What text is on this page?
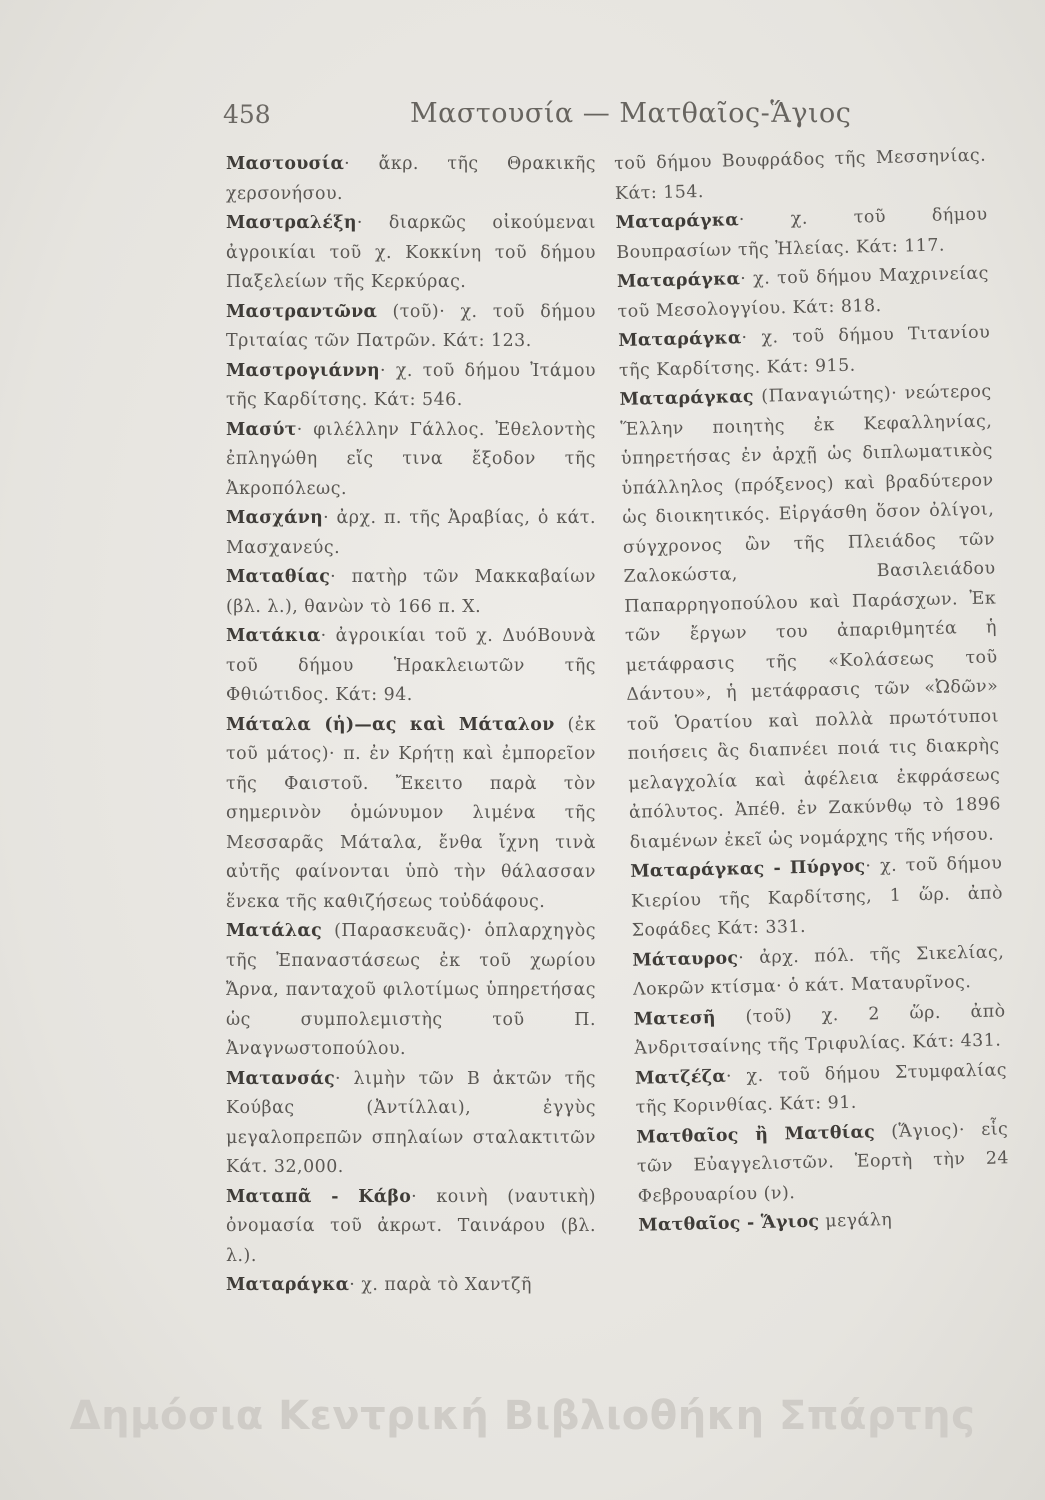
458	Μαστουσία — Ματθαῖος-Ἅγιος

Μαστουσία· ἄκρ. τῆς Θρακικῆς χερσονήσου.

Μαστραλέξη· διαρκῶς οἰκούμεναι ἀγροικίαι τοῦ χ. Κοκκίνη τοῦ δήμου Παξελείων τῆς Κερκύρας.

Μαστραντῶνα (τοῦ)· χ. τοῦ δήμου Τριταίας τῶν Πατρῶν. Κάτ: 123.

Μαστρογιάννη· χ. τοῦ δήμου Ἰτάμου τῆς Καρδίτσης. Κάτ: 546.

Μασύτ· φιλέλλην Γάλλος. Ἐθελοντὴς ἐπληγώθη εἴς τινα ἔξοδον τῆς Ἀκροπόλεως.

Μασχάνη· ἀρχ. π. τῆς Ἀραβίας, ὁ κάτ. Μασχανεύς.

Ματαθίας· πατὴρ τῶν Μακκαβαίων (βλ. λ.), θανὼν τὸ 166 π. Χ.

Ματάκια· ἀγροικίαι τοῦ χ. ΔυόΒουνὰ τοῦ δήμου Ἡρακλειωτῶν τῆς Φθιώτιδος. Κάτ: 94.

Μάταλα (ἡ)—ας καὶ Μάταλον (ἐκ τοῦ μάτος)· π. ἐν Κρήτῃ καὶ ἐμπορεῖον τῆς Φαιστοῦ. Ἔκειτο παρὰ τὸν σημερινὸν ὁμώνυμον λιμένα τῆς Μεσσαρᾶς Μάταλα, ἔνθα ἴχνη τινὰ αὐτῆς φαίνονται ὑπὸ τὴν θάλασσαν ἕνεκα τῆς καθιζήσεως τοὐδάφους.

Ματάλας (Παρασκευᾶς)· ὁπλαρχηγὸς τῆς Ἐπαναστάσεως ἐκ τοῦ χωρίου Ἄρνα, πανταχοῦ φιλοτίμως ὑπηρετήσας ὡς συμπολεμιστὴς τοῦ Π. Ἀναγνωστοπούλου.

Ματανσάς· λιμὴν τῶν Β ἀκτῶν τῆς Κούβας (Ἀντίλλαι), ἐγγὺς μεγαλοπρεπῶν σπηλαίων σταλακτιτῶν Κάτ. 32,000.

Ματαπᾶ - Κάβο· κοινὴ (ναυτικὴ) ὀνομασία τοῦ ἀκρωτ. Ταινάρου (βλ. λ.).

Ματαράγκα· χ. παρὰ τὸ Χαντζῆ

τοῦ δήμου Βουφράδος τῆς Μεσσηνίας. Κάτ: 154.

Ματαράγκα· χ. τοῦ δήμου Βουπρασίων τῆς Ἠλείας. Κάτ: 117.

Ματαράγκα· χ. τοῦ δήμου Μαχρινείας τοῦ Μεσολογγίου. Κάτ: 818.

Ματαράγκα· χ. τοῦ δήμου Τιτανίου τῆς Καρδίτσης. Κάτ: 915.

Ματαράγκας (Παναγιώτης)· νεώτερος Ἕλλην ποιητὴς ἐκ Κεφαλληνίας, ὑπηρετήσας ἐν ἀρχῇ ὡς διπλωματικὸς ὑπάλληλος (πρόξενος) καὶ βραδύτερον ὡς διοικητικός. Εἰργάσθη ὅσον ὀλίγοι, σύγχρονος ὢν τῆς Πλειάδος τῶν Ζαλοκώστα, Βασιλειάδου Παπαρρηγοπούλου καὶ Παράσχων. Ἐκ τῶν ἔργων του ἀπαριθμητέα ἡ μετάφρασις τῆς «Κολάσεως τοῦ Δάντου», ἡ μετάφρασις τῶν «Ὠδῶν» τοῦ Ὁρατίου καὶ πολλὰ πρωτότυποι ποιήσεις ἃς διαπνέει ποιά τις διακρὴς μελαγχολία καὶ ἀφέλεια ἐκφράσεως ἀπόλυτος. Ἀπέθ. ἐν Ζακύνθῳ τὸ 1896 διαμένων ἐκεῖ ὡς νομάρχης τῆς νήσου.

Ματαράγκας - Πύργος· χ. τοῦ δήμου Κιερίου τῆς Καρδίτσης, 1 ὥρ. ἀπὸ Σοφάδες Κάτ: 331.

Μάταυρος· ἀρχ. πόλ. τῆς Σικελίας, Λοκρῶν κτίσμα· ὁ κάτ. Ματαυρῖνος.

Ματεσῆ (τοῦ) χ. 2 ὥρ. ἀπὸ Ἀνδριτσαίνης τῆς Τριφυλίας. Κάτ: 431.

Ματζέζα· χ. τοῦ δήμου Στυμφαλίας τῆς Κορινθίας. Κάτ: 91.

Ματθαῖος ἢ Ματθίας (Ἅγιος)· εἷς τῶν Εὐαγγελιστῶν. Ἑορτὴ τὴν 24 Φεβρουαρίου (ν).

Ματθαῖος - Ἅγιος μεγάλη

Δημόσια Κεντρική Βιβλιοθήκη Σπάρτης
